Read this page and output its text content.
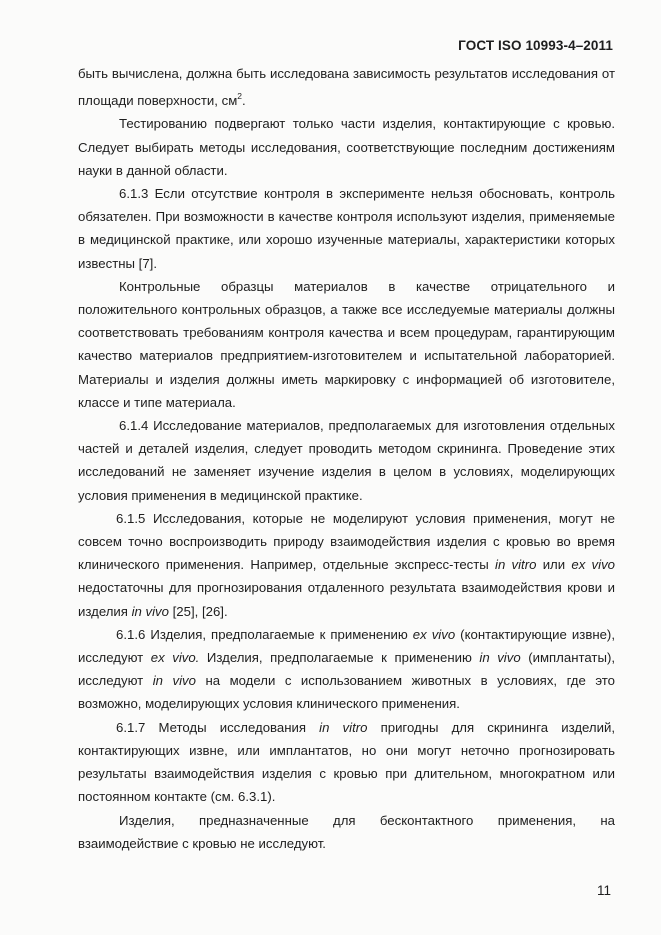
ГОСТ ISO 10993-4–2011

быть вычислена, должна быть исследована зависимость результатов исследования от площади поверхности, $см^2$.

Тестированию подвергают только части изделия, контактирующие с кровью. Следует выбирать методы исследования, соответствующие последним достижениям науки в данной области.

6.1.3 Если отсутствие контроля в эксперименте нельзя обосновать, контроль обязателен. При возможности в качестве контроля используют изделия, применяемые в медицинской практике, или хорошо изученные материалы, характеристики которых известны [7].

Контрольные образцы материалов в качестве отрицательного и положительного контрольных образцов, а также все исследуемые материалы должны соответствовать требованиям контроля качества и всем процедурам, гарантирующим качество материалов предприятием-изготовителем и испытательной лабораторией. Материалы и изделия должны иметь маркировку с информацией об изготовителе, классе и типе материала.

6.1.4 Исследование материалов, предполагаемых для изготовления отдельных частей и деталей изделия, следует проводить методом скрининга. Проведение этих исследований не заменяет изучение изделия в целом в условиях, моделирующих условия применения в медицинской практике.

6.1.5 Исследования, которые не моделируют условия применения, могут не совсем точно воспроизводить природу взаимодействия изделия с кровью во время клинического применения. Например, отдельные экспресс-тесты in vitro или ex vivo недостаточны для прогнозирования отдаленного результата взаимодействия крови и изделия in vivo [25], [26].

6.1.6 Изделия, предполагаемые к применению ex vivo (контактирующие извне), исследуют ex vivo. Изделия, предполагаемые к применению in vivo (имплантаты), исследуют in vivo на модели с использованием животных в условиях, где это возможно, моделирующих условия клинического применения.

6.1.7 Методы исследования in vitro пригодны для скрининга изделий, контактирующих извне, или имплантатов, но они могут неточно прогнозировать результаты взаимодействия изделия с кровью при длительном, многократном или постоянном контакте (см. 6.3.1).

Изделия, предназначенные для бесконтактного применения, на взаимодействие с кровью не исследуют.

11
